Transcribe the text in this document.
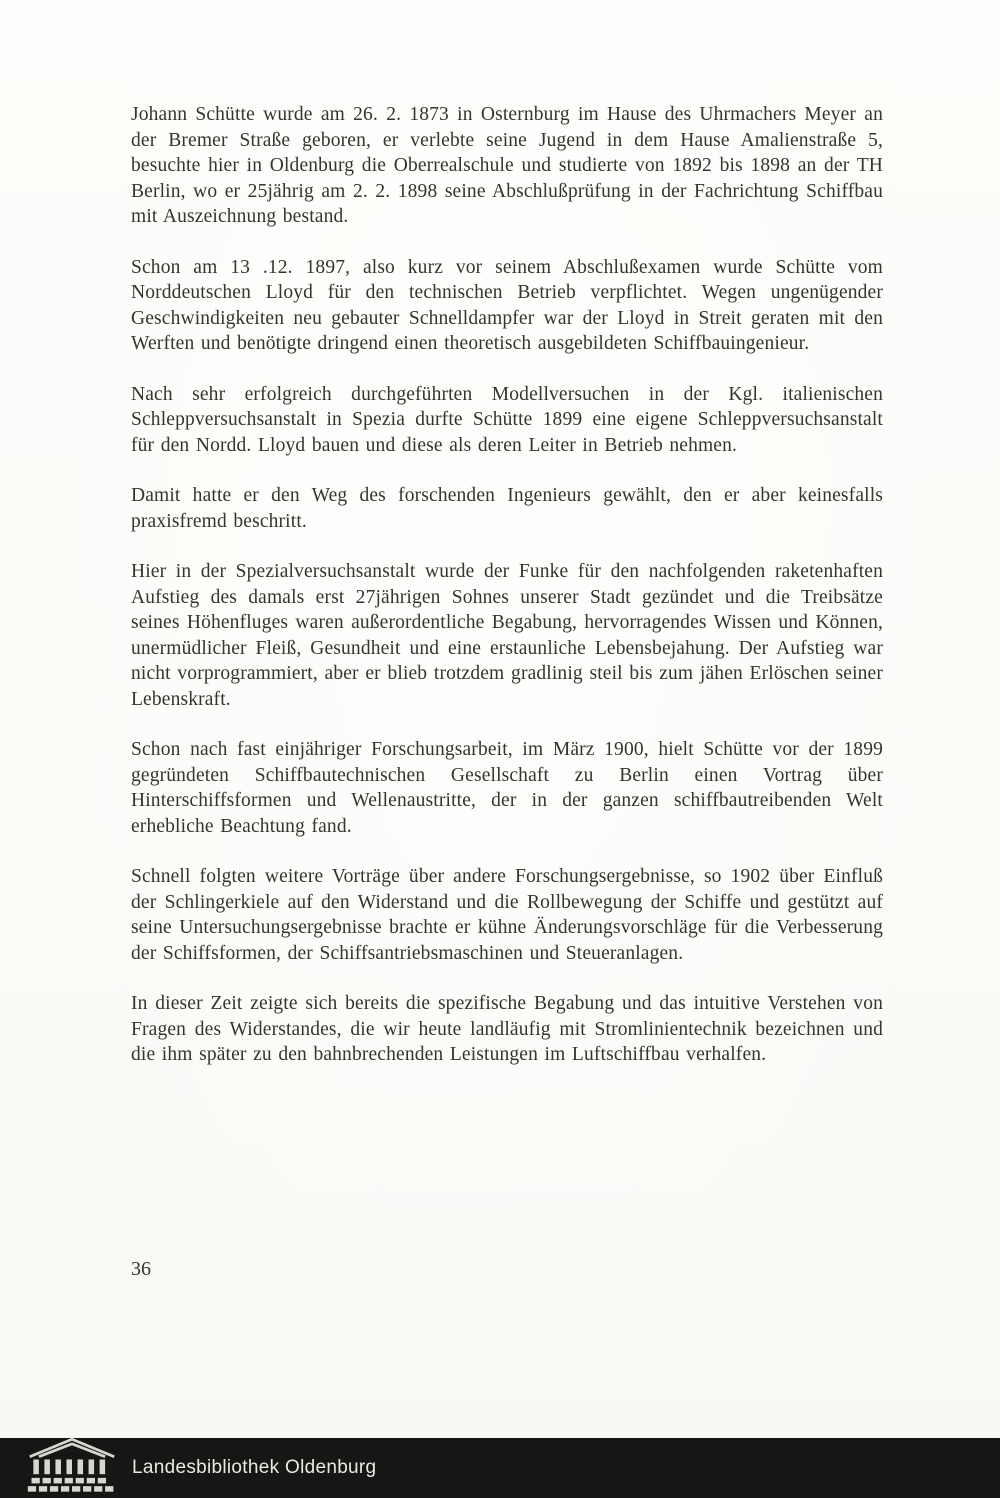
Johann Schütte wurde am 26. 2. 1873 in Osternburg im Hause des Uhrmachers Meyer an der Bremer Straße geboren, er verlebte seine Jugend in dem Hause Amalienstraße 5, besuchte hier in Oldenburg die Oberrealschule und studierte von 1892 bis 1898 an der TH Berlin, wo er 25jährig am 2. 2. 1898 seine Abschlußprüfung in der Fachrichtung Schiffbau mit Auszeichnung bestand.

Schon am 13 .12. 1897, also kurz vor seinem Abschlußexamen wurde Schütte vom Norddeutschen Lloyd für den technischen Betrieb verpflichtet. Wegen ungenügender Geschwindigkeiten neu gebauter Schnelldampfer war der Lloyd in Streit geraten mit den Werften und benötigte dringend einen theoretisch ausgebildeten Schiffbauingenieur.

Nach sehr erfolgreich durchgeführten Modellversuchen in der Kgl. italienischen Schleppversuchsanstalt in Spezia durfte Schütte 1899 eine eigene Schleppversuchsanstalt für den Nordd. Lloyd bauen und diese als deren Leiter in Betrieb nehmen.

Damit hatte er den Weg des forschenden Ingenieurs gewählt, den er aber keinesfalls praxisfremd beschritt.

Hier in der Spezialversuchsanstalt wurde der Funke für den nachfolgenden raketenhaften Aufstieg des damals erst 27jährigen Sohnes unserer Stadt gezündet und die Treibsätze seines Höhenfluges waren außerordentliche Begabung, hervorragendes Wissen und Können, unermüdlicher Fleiß, Gesundheit und eine erstaunliche Lebensbejahung. Der Aufstieg war nicht vorprogrammiert, aber er blieb trotzdem gradlinig steil bis zum jähen Erlöschen seiner Lebenskraft.

Schon nach fast einjähriger Forschungsarbeit, im März 1900, hielt Schütte vor der 1899 gegründeten Schiffbautechnischen Gesellschaft zu Berlin einen Vortrag über Hinterschiffsformen und Wellenaustritte, der in der ganzen schiffbautreibenden Welt erhebliche Beachtung fand.

Schnell folgten weitere Vorträge über andere Forschungsergebnisse, so 1902 über Einfluß der Schlingerkiele auf den Widerstand und die Rollbewegung der Schiffe und gestützt auf seine Untersuchungsergebnisse brachte er kühne Änderungsvorschläge für die Verbesserung der Schiffsformen, der Schiffsantriebsmaschinen und Steueranlagen.

In dieser Zeit zeigte sich bereits die spezifische Begabung und das intuitive Verstehen von Fragen des Widerstandes, die wir heute landläufig mit Stromlinientechnik bezeichnen und die ihm später zu den bahnbrechenden Leistungen im Luftschiffbau verhalfen.

36
Landesbibliothek Oldenburg
